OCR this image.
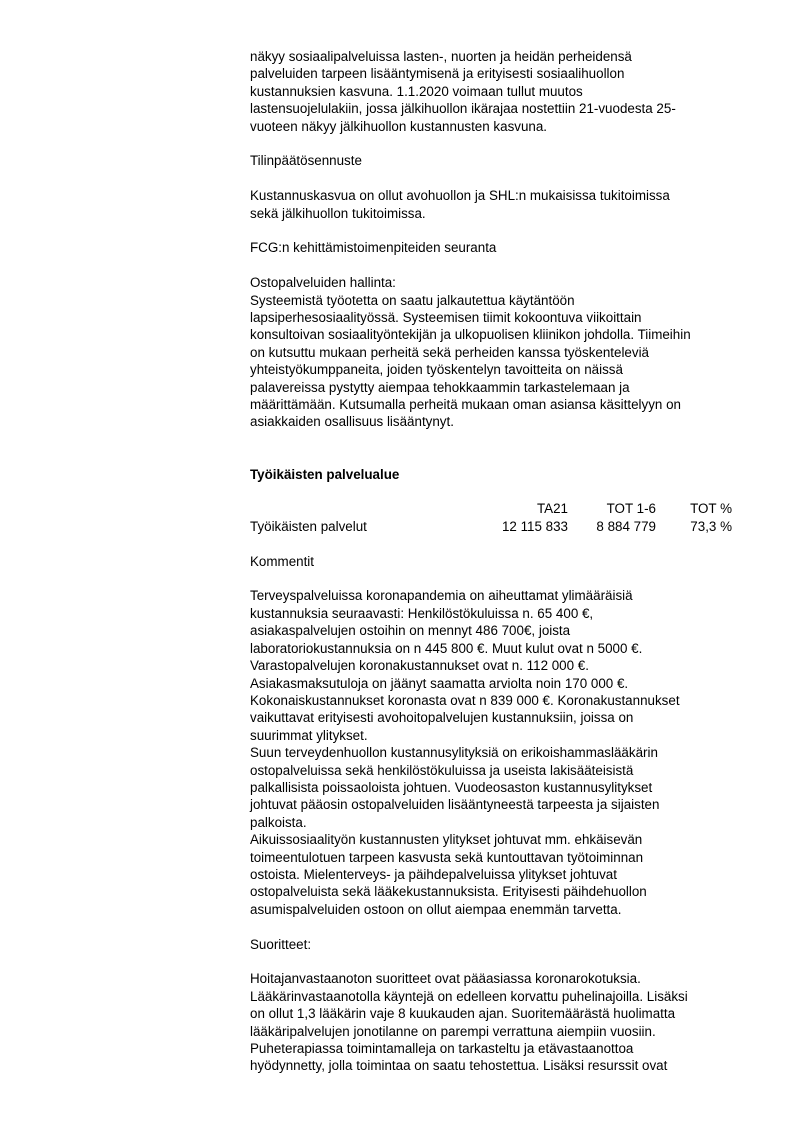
näkyy sosiaalipalveluissa lasten-, nuorten ja heidän perheidensä
palveluiden tarpeen lisääntymisenä ja erityisesti sosiaalihuollon
kustannuksien kasvuna. 1.1.2020 voimaan tullut muutos
lastensuojelulakiin, jossa jälkihuollon ikärajaa nostettiin 21-vuodesta 25-
vuoteen näkyy jälkihuollon kustannusten kasvuna.

Tilinpäätösennuste

Kustannuskasvua on ollut avohuollon ja SHL:n mukaisissa tukitoimissa
sekä jälkihuollon tukitoimissa.

FCG:n kehittämistoimenpiteiden seuranta

Ostopalveluiden hallinta:

Systeemistä työotetta on saatu jalkautettua käytäntöön
lapsiperhesosiaalityössä. Systeemisen tiimit kokoontuva viikoittain
konsultoivan sosiaalityöntekijän ja ulkopuolisen kliinikon johdolla. Tiimeihin
on kutsuttu mukaan perheitä sekä perheiden kanssa työskenteleviä
yhteistyökumppaneita, joiden työskentelyn tavoitteita on näissä
palavereissa pystytty aiempaa tehokkaammin tarkastelemaan ja
määrittämään. Kutsumalla perheitä mukaan oman asiansa käsittelyyn on
asiakkaiden osallisuus lisääntynyt.

Työikäisten palvelualue

	TA21	TOT 1-6	TOT %
Työikäisten palvelut	12 115 833	8 884 779	73,3 %

Kommentit

Terveyspalveluissa koronapandemia on aiheuttamat ylimääräisiä
kustannuksia seuraavasti: Henkilöstökuluissa n. 65 400 €,
asiakaspalvelujen ostoihin on mennyt 486 700€, joista
laboratoriokustannuksia on n 445 800 €. Muut kulut ovat n 5000 €.
Varastopalvelujen koronakustannukset ovat n. 112 000 €.
Asiakasmaksutuloja on jäänyt saamatta arviolta noin 170 000 €.
Kokonaiskustannukset koronasta ovat n 839 000 €. Koronakustannukset
vaikuttavat erityisesti avohoitopalvelujen kustannuksiin, joissa on
suurimmat ylitykset.
Suun terveydenhuollon kustannusylityksiä on erikoishammaslääkärin
ostopalveluissa sekä henkilöstökuluissa ja useista lakisääteisistä
palkallisista poissaoloista johtuen. Vuodeosaston kustannusylitykset
johtuvat pääosin ostopalveluiden lisääntyneestä tarpeesta ja sijaisten
palkoista.
Aikuissosiaalityön kustannusten ylitykset johtuvat mm. ehkäisevän
toimeentulotuen tarpeen kasvusta sekä kuntouttavan työtoiminnan
ostoista. Mielenterveys- ja päihdepalveluissa ylitykset johtuvat
ostopalveluista sekä lääkekustannuksista. Erityisesti päihdehuollon
asumispalveluiden ostoon on ollut aiempaa enemmän tarvetta.

Suoritteet:

Hoitajanvastaanoton suoritteet ovat pääasiassa koronarokotuksia.
Lääkärinvastaanotolla käyntejä on edelleen korvattu puhelinajoilla. Lisäksi
on ollut 1,3 lääkärin vaje 8 kuukauden ajan. Suoritemäärästä huolimatta
lääkäripalvelujen jonotilanne on parempi verrattuna aiempiin vuosiin.
Puheterapiassa toimintamalleja on tarkasteltu ja etävastaanottoa
hyödynnetty, jolla toimintaa on saatu tehostettua. Lisäksi resurssit ovat
